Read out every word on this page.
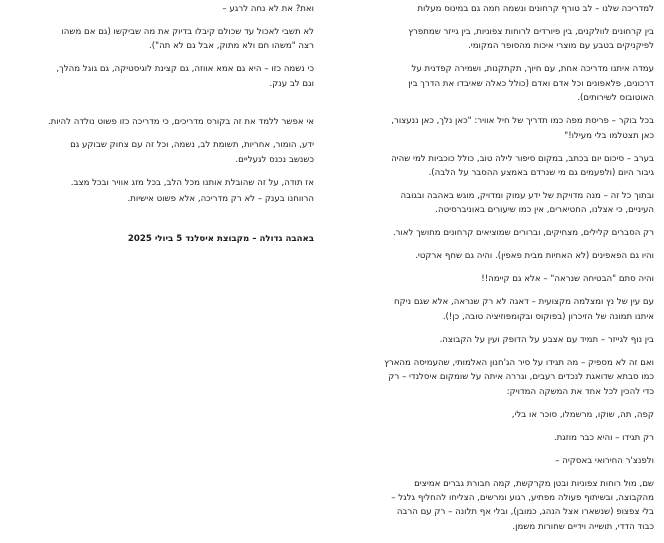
למדריכה שלנו – לב טורף קרחונים ונשמה חמה גם במינוס מעלות

בין קרחונים לוולקנים, בין פיורדים לרוחות צפוניות, בין גייזר שמתפרץ
לפיקניקים בטבע עם מוצרי איכות מהסופר המקומי.

עמדה איתנו מדריכה אחת, עם חיוך, תקתקנות, ושמירה קפדנית על
דרכונים, פלאפונים וכל אדם ואדם (כולל כאלה שאיבדו את הדרך בין
האוטובוס לשירותים).

בכל בוקר – פריסת מפה כמו תדריך של חיל אוויר: "כאן נלך, כאן ננעצור,
כאן תצטלמו בלי מעילו!"

בערב – סיכום יום בכתב, במקום סיפור לילה טוב, כולל כוכביות למי שהיה
גיבור היום (ולפעמים גם מי שנרדם באמצע ההסבר על הלבה).

ובתוך כל זה – מנה מדויקת של ידע עמוק ומדויק, מוגש באהבה ובגובה
העיניים, כי אצלנו, החטיארים, אין כמו שיעורים באוניברסיטה.

רק הסברים קלילים, מצחיקים, וברורים שמוציאים קרחונים מחושך לאור.

והיו גם הפאפינים (לא האחיות מבית פאפין). והיה גם שחף ארקטי.

והיה סתם "הבטיחה שנראה" – אלא גם קיימה!!

עם עין של נץ ומצלמה מקצועית – דאגה לא רק שנראה, אלא שגם ניקח
איתנו תמונה של הזיכרון (בפוקוס ובקומפוזיציה טובה, כן!).

בין נוף לגייזר – תמיד עם אצבע על הדופק ועין על הקבוצה.

ואם זה לא מספיק – מה תגידו על סיר הג'חנון האלמותי, שהעמיסה מהארץ
כמו סבתא שדואגת לנכדים רעבים, וגררה איתה על שומקום איסלנדי – רק
כדי להכין לכל אחד את המשקה המדויק:

קפה, תה, שוקו, מרשמלו, סוכר או בלי,

רק תגידו – והיא כבר מוזגת.

ולפנצ'ר החירואי באסקיה –

שם, מול רוחות צפוניות ובטן מקרקשת, קמה חבורת גברים אמיצים
מהקבוצה, ובשיתוף פעולה מפתיע, רגוע ומרשים, הצליחו להחליף גלגל –
בלי צפצופ (שנשארו אצל הנהג, כמובן), ובלי אף תלונה – רק עם הרבה
כבוד הדדי, תושייה וידיים שחורות משמן.

ואת? את לא נחה לרגע –

לא תשבי לאכול עד שכולם קיבלו בדיוק את מה שביקשו (גם אם משהו
רצה "משהו חם ולא מתוק, אבל גם לא תה").

כי נשמה כזו – היא גם אמא אווזה, גם קצינת לוגיסטיקה, גם גוגל מהלך,
וגם לב ענק.

אי אפשר ללמד את זה בקורס מדריכים, כי מדריכה כזו פשוט נולדה להיות.

ידע, הומור, אחריות, תשומת לב, נשמה, וכל זה עם צחוק שבוקע גם
כשנשב נכנס לגעליים.

אז תודה, על זה שהובלת אותנו מכל הלב, בכל מזג אוויר ובכל מצב.

הרווחנו בענק – לא רק מדריכה, אלא פשוט אישיות.

באהבה גדולה – מקבוצת איסלנד 5 ביולי 2025
